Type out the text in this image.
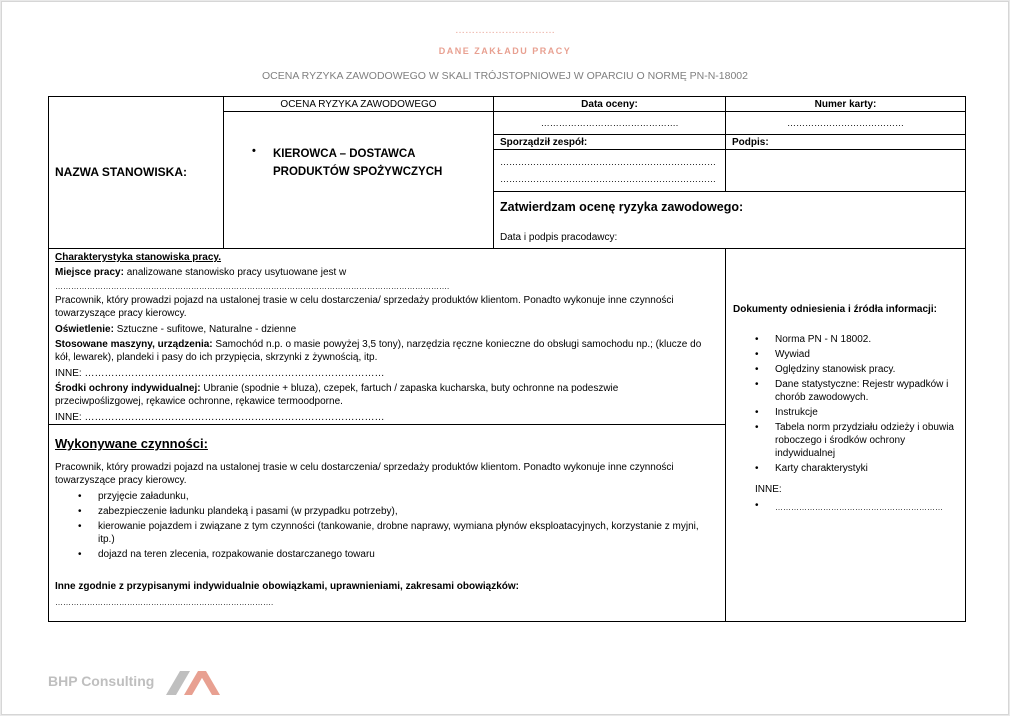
…………………………
DANE ZAKŁADU PRACY
OCENA RYZYKA ZAWODOWEGO W SKALI TRÓJSTOPNIOWEJ W OPARCIU O NORMĘ PN-N-18002
NAZWA STANOWISKA:
OCENA RYZYKA ZAWODOWEGO
• KIEROWCA – DOSTAWCA
PRODUKTÓW SPOŻYWCZYCH
Data oceny:
……………………………………….
Numer karty:
…………………………………
Sporządził zespół:
………………………………………………………………
………………………………………………………………
Podpis:
Zatwierdzam ocenę ryzyka zawodowego:
Data i podpis pracodawcy:
Charakterystyka stanowiska pracy.
Miejsce pracy: analizowane stanowisko pracy usytuowane jest w
………………………………………………………………………………………………………………………………….
Pracownik, który prowadzi pojazd na ustalonej trasie w celu dostarczenia/ sprzedaży produktów klientom. Ponadto wykonuje inne czynności towarzyszące pracy kierowcy.
Oświetlenie: Sztuczne - sufitowe, Naturalne - dzienne
Stosowane maszyny, urządzenia: Samochód n.p. o masie powyżej 3,5 tony), narzędzia ręczne konieczne do obsługi samochodu np.; (klucze do kół, lewarek), plandeki i pasy do ich przypięcia, skrzynki z żywnością, itp.
INNE: ………………………………………………………………………………
Środki ochrony indywidualnej: Ubranie (spodnie + bluza), czepek, fartuch / zapaska kucharska, buty ochronne na podeszwie przeciwpoślizgowej, rękawice ochronne, rękawice termoodporne.
INNE: ………………………………………………………………………………
Wykonywane czynności:
Pracownik, który prowadzi pojazd na ustalonej trasie w celu dostarczenia/ sprzedaży produktów klientom. Ponadto wykonuje inne czynności towarzyszące pracy kierowcy.
• przyjęcie załadunku,
• zabezpieczenie ładunku plandeką i pasami (w przypadku potrzeby),
• kierowanie pojazdem i związane z tym czynności (tankowanie, drobne naprawy, wymiana płynów eksploatacyjnych, korzystanie z myjni, itp.)
• dojazd na teren zlecenia, rozpakowanie dostarczanego towaru
Inne zgodnie z przypisanymi indywidualnie obowiązkami, uprawnieniami, zakresami obowiązków:
……………………………………………………………………….
Dokumenty odniesienia i źródła informacji:
• Norma PN - N 18002.
• Wywiad
• Oględziny stanowisk pracy.
• Dane statystyczne: Rejestr wypadków i chorób zawodowych.
• Instrukcje
• Tabela norm przydziału odzieży i obuwia roboczego i środków ochrony indywidualnej
• Karty charakterystyki
INNE:
• ………………………………………………………
BHP Consulting
